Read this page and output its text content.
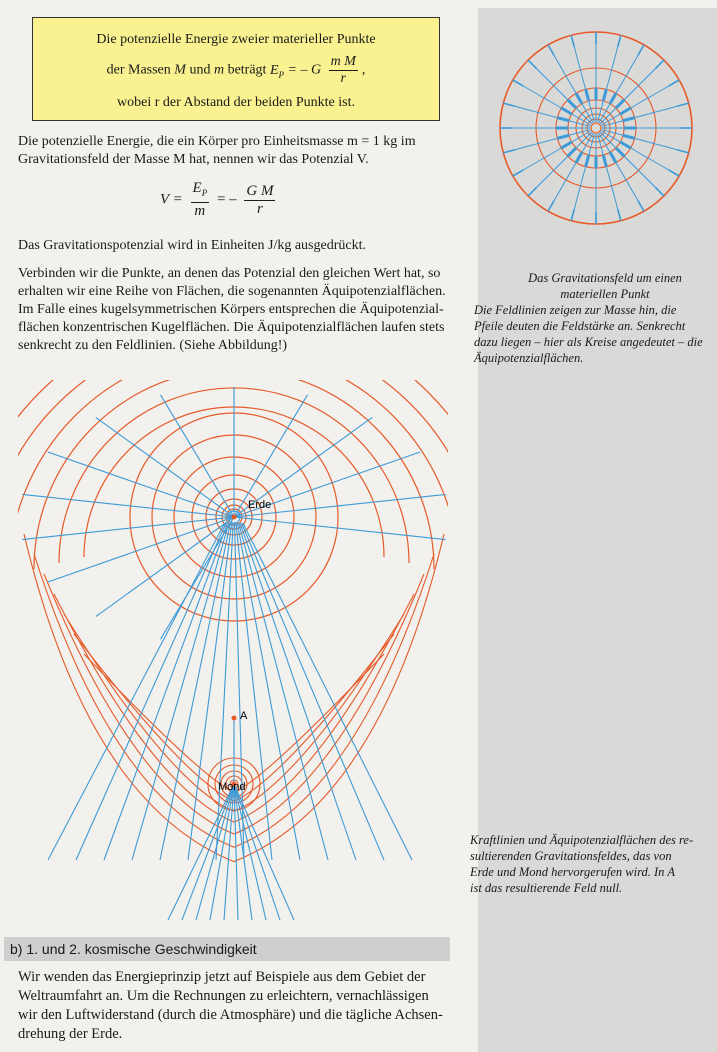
Die potenzielle Energie zweier materieller Punkte
der Massen M und m beträgt $E_P$ = – G $\frac{\text{m M}}{r}$ ,
wobei r der Abstand der beiden Punkte ist.
Die potenzielle Energie, die ein Körper pro Einheitsmasse m = 1 kg im
Gravitationsfeld der Masse M hat, nennen wir das Potenzial V.
$V = \frac{E_P}{m}$ = – $\frac{\text{G M}}{r}$
Das Gravitationspotenzial wird in Einheiten J/kg ausgedrückt.
Verbinden wir die Punkte, an denen das Potenzial den gleichen Wert hat, so
erhalten wir eine Reihe von Flächen, die sogenannten Äquipotenzialflächen.
Im Falle eines kugelsymmetrischen Körpers entsprechen die Äquipotenzial-
flächen konzentrischen Kugelflächen. Die Äquipotenzialflächen laufen stets
senkrecht zu den Feldlinien. (Siehe Abbildung!)
Das Gravitationsfeld um einen
materiellen Punkt
Die Feldlinien zeigen zur Masse hin, die
Pfeile deuten die Feldstärke an. Senkrecht
dazu liegen – hier als Kreise angedeutet – die
Äquipotenzialflächen.
Erde
A
Mond
Kraftlinien und Äquipotenzialflächen des re-
sultierenden Gravitationsfeldes, das von
Erde und Mond hervorgerufen wird. In A
ist das resultierende Feld null.
b) 1. und 2. kosmische Geschwindigkeit
Wir wenden das Energieprinzip jetzt auf Beispiele aus dem Gebiet der
Weltraumfahrt an. Um die Rechnungen zu erleichtern, vernachlässigen
wir den Luftwiderstand (durch die Atmosphäre) und die tägliche Achsen-
drehung der Erde.
